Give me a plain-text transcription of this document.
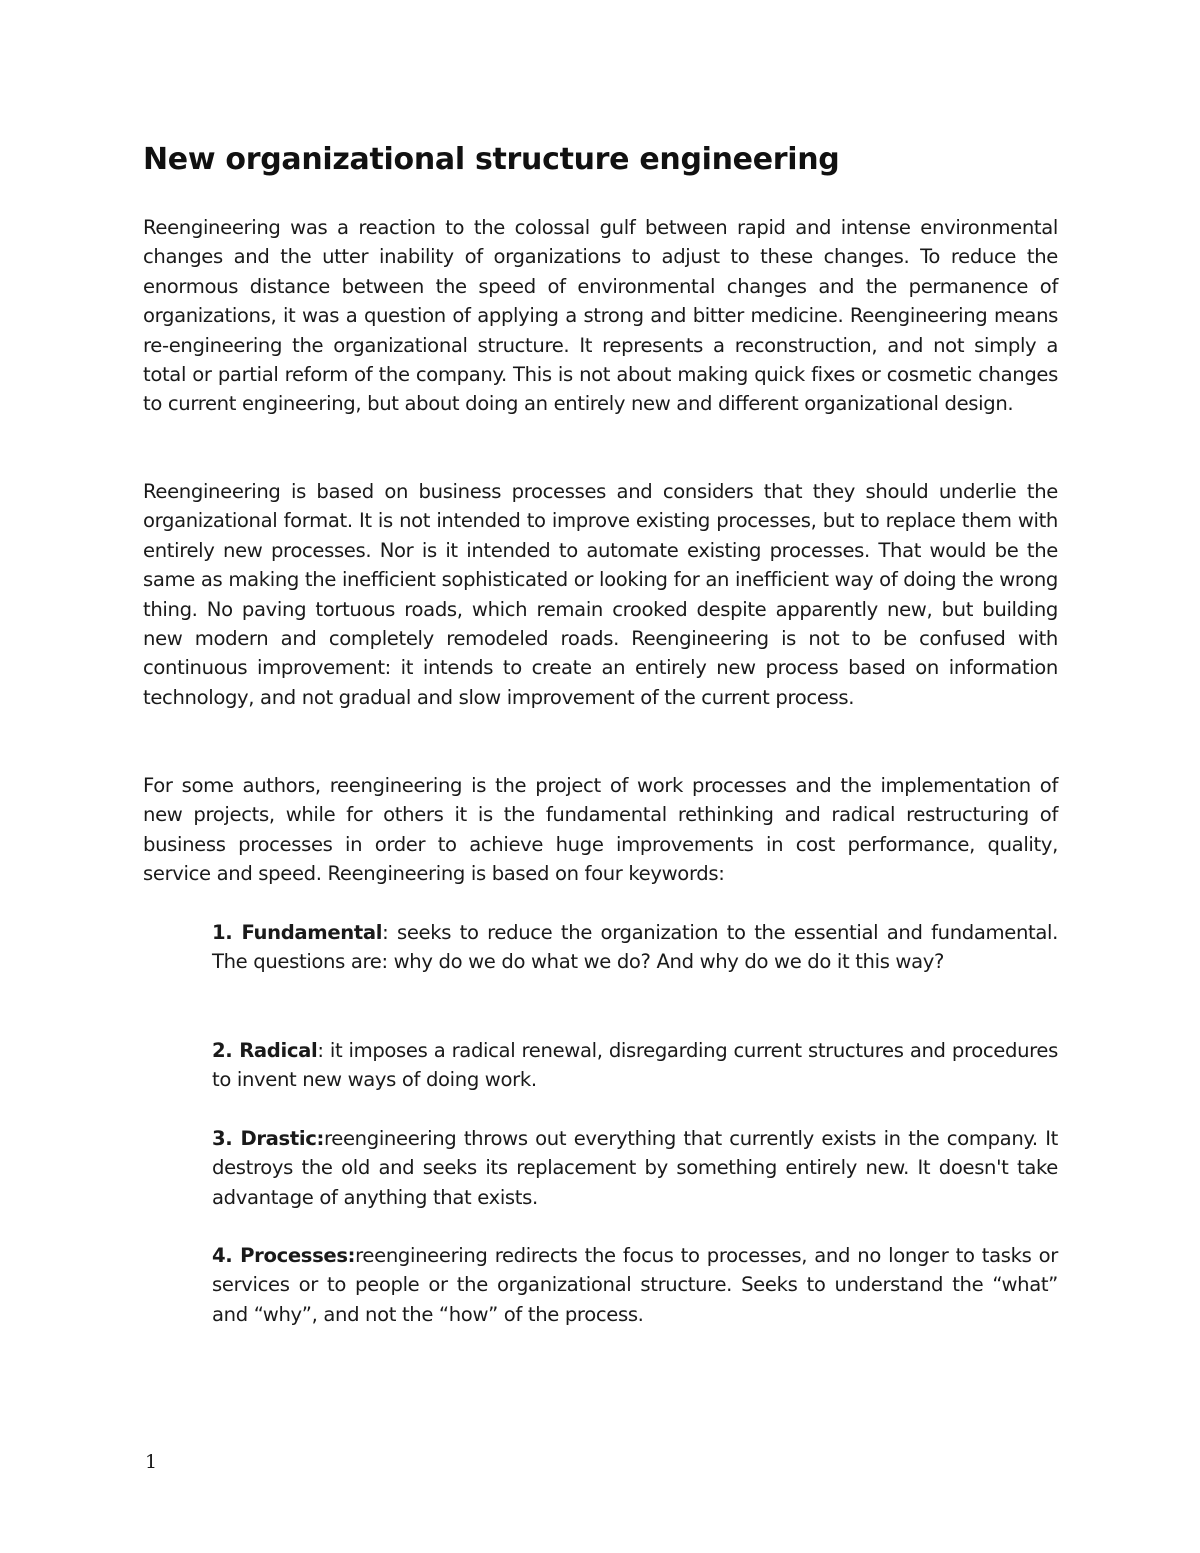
New organizational structure engineering

Reengineering was a reaction to the colossal gulf between rapid and intense environmental changes and the utter inability of organizations to adjust to these changes. To reduce the enormous distance between the speed of environmental changes and the permanence of organizations, it was a question of applying a strong and bitter medicine. Reengineering means re-engineering the organizational structure. It represents a reconstruction, and not simply a total or partial reform of the company. This is not about making quick fixes or cosmetic changes to current engineering, but about doing an entirely new and different organizational design.

Reengineering is based on business processes and considers that they should underlie the organizational format. It is not intended to improve existing processes, but to replace them with entirely new processes. Nor is it intended to automate existing processes. That would be the same as making the inefficient sophisticated or looking for an inefficient way of doing the wrong thing. No paving tortuous roads, which remain crooked despite apparently new, but building new modern and completely remodeled roads. Reengineering is not to be confused with continuous improvement: it intends to create an entirely new process based on information technology, and not gradual and slow improvement of the current process.

For some authors, reengineering is the project of work processes and the implementation of new projects, while for others it is the fundamental rethinking and radical restructuring of business processes in order to achieve huge improvements in cost performance, quality, service and speed. Reengineering is based on four keywords:

1. Fundamental: seeks to reduce the organization to the essential and fundamental. The questions are: why do we do what we do? And why do we do it this way?

2. Radical: it imposes a radical renewal, disregarding current structures and procedures to invent new ways of doing work.

3. Drastic:reengineering throws out everything that currently exists in the company. It destroys the old and seeks its replacement by something entirely new. It doesn't take advantage of anything that exists.

4. Processes:reengineering redirects the focus to processes, and no longer to tasks or services or to people or the organizational structure. Seeks to understand the “what” and “why”, and not the “how” of the process.

1
